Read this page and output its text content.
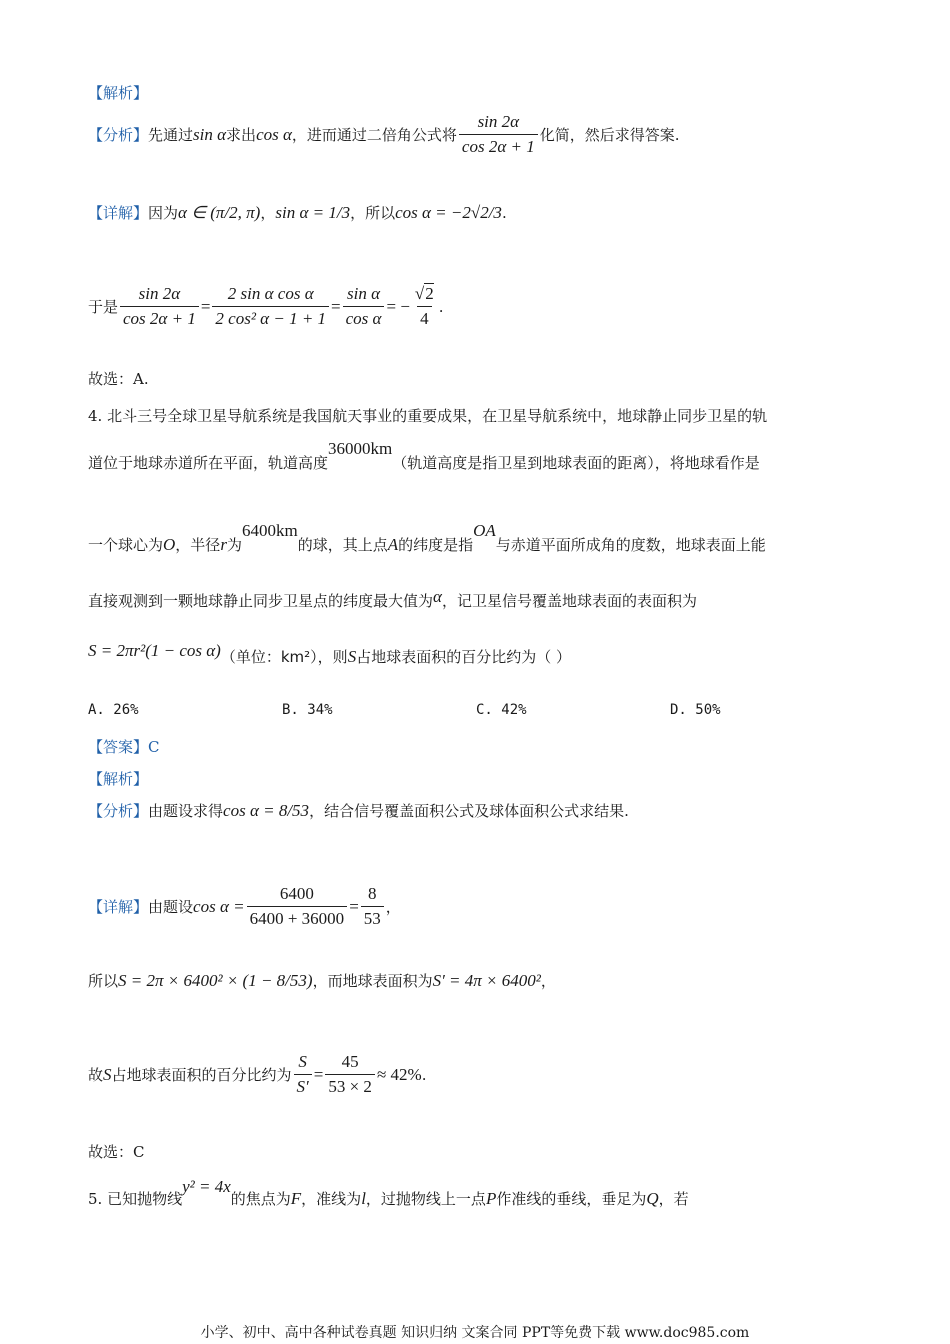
【解析】
【分析】 先通过 sin α 求出 cos α ，进而通过二倍角公式将 $\frac{\sin 2\alpha}{\cos 2\alpha + 1}$ 化简，然后求得答案.
【详解】 因为 α ∈ (π/2, π) ， sin α = 1/3 ，所以 cos α = −2√2/3 .
于是 $\frac{\sin 2\alpha}{\cos 2\alpha + 1} = \frac{\text{2 sin α cos α}}{\text{2 cos² α − 1 + 1}} = \frac{\text{sin α}}{\text{cos α}}$ = − $\frac{√2}{4}$ .
故选：A.
4. 北斗三号全球卫星导航系统是我国航天事业的重要成果，在卫星导航系统中，地球静止同步卫星的轨
道位于地球赤道所在平面，轨道高度
36000km
（轨道高度是指卫星到地球表面的距离），将地球看作是
一个球心为 O ，半径 r 为
6400km
的球，其上点 A 的纬度是指
OA
与赤道平面所成角的度数，地球表面上能
直接观测到一颗地球静止同步卫星点的纬度最大值为 α ，记卫星信号覆盖地球表面的表面积为
S = 2πr²(1 − cos α) （单位： km² ），则 S 占地球表面积的百分比约为（ ）
A. 26%	B. 34%	C. 42%	D. 50%
【答案】C
【解析】
【分析】 由题设求得 cos α = 8/53 ，结合信号覆盖面积公式及球体面积公式求结果.
【详解】 由题设 $\cos \alpha = \frac{6400}{6400 + 36000} = \frac{8}{53}$ ，
所以 S = 2π × 6400² × (1 − 8/53) ，而地球表面积为 S′ = 4π × 6400² ，
故 S 占地球表面积的百分比约为 $\frac{S}{S'} = \frac{45}{53 \times 2} \approx 42\%$ .
故选：C
5. 已知抛物线
y² = 4x
的焦点为 F ，准线为 l ，过抛物线上一点 P 作准线的垂线，垂足为 Q ，若
小学、初中、高中各种试卷真题 知识归纳 文案合同 PPT等免费下载 www.doc985.com
